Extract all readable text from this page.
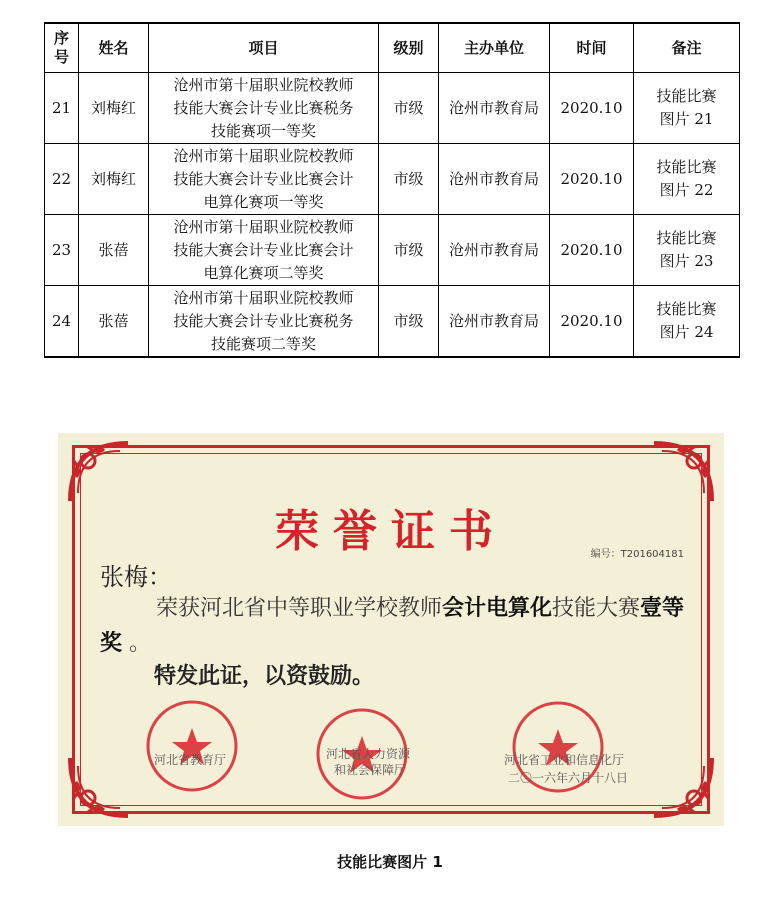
序
号	姓名	项目	级别	主办单位	时间	备注
21	刘梅红	沧州市第十届职业院校教师
技能大赛会计专业比赛税务
技能赛项一等奖	市级	沧州市教育局	2020.10	技能比赛
图片 21
22	刘梅红	沧州市第十届职业院校教师
技能大赛会计专业比赛会计
电算化赛项一等奖	市级	沧州市教育局	2020.10	技能比赛
图片 22
23	张蓓	沧州市第十届职业院校教师
技能大赛会计专业比赛会计
电算化赛项二等奖	市级	沧州市教育局	2020.10	技能比赛
图片 23
24	张蓓	沧州市第十届职业院校教师
技能大赛会计专业比赛税务
技能赛项二等奖	市级	沧州市教育局	2020.10	技能比赛
图片 24
荣誉证书	编号：T201604181
张梅：
荣获河北省中等职业学校教师会计电算化技能大赛壹等奖 。
特发此证，以资鼓励。
河北省教育厅	河北省人力资源
和社会保障厅
河北省工业和信息化厅
二〇一六年六月十八日
技能比赛图片 1
